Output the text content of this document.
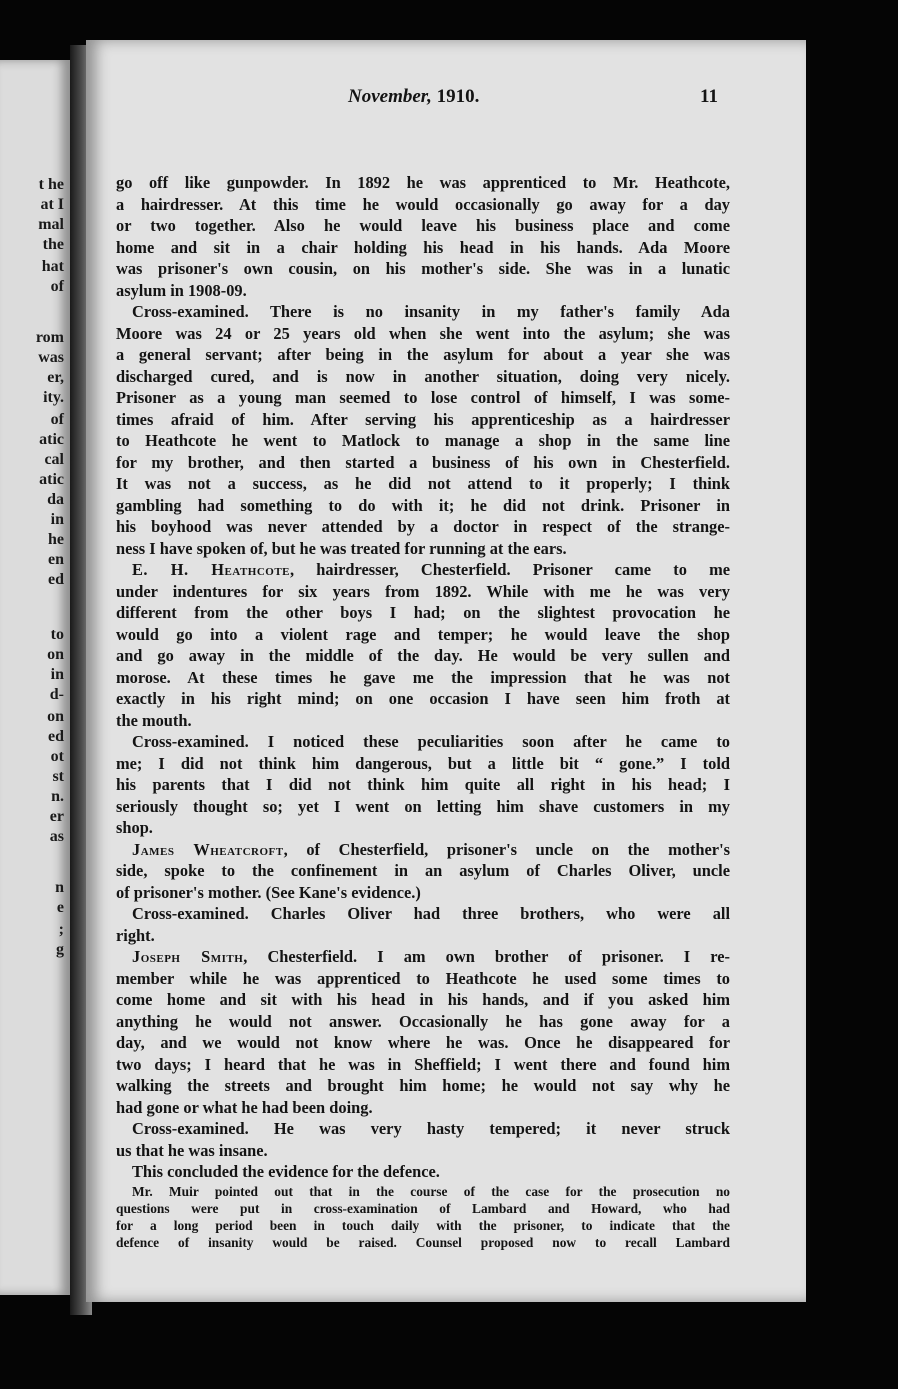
t he
at I
mal
the
hat
of
rom
was
er,
ity.
of
atic
cal
atic
da
in
he
en
ed
to
on
in
d-
on
ed
ot
st
n.
er
as
n
e
;
g
November, 1910.	11
go off like gunpowder. In 1892 he was apprenticed to Mr. Heathcote,
a hairdresser. At this time he would occasionally go away for a day
or two together. Also he would leave his business place and come
home and sit in a chair holding his head in his hands. Ada Moore
was prisoner's own cousin, on his mother's side. She was in a lunatic
asylum in 1908-09.
Cross-examined. There is no insanity in my father's family Ada
Moore was 24 or 25 years old when she went into the asylum; she was
a general servant; after being in the asylum for about a year she was
discharged cured, and is now in another situation, doing very nicely.
Prisoner as a young man seemed to lose control of himself, I was some-
times afraid of him. After serving his apprenticeship as a hairdresser
to Heathcote he went to Matlock to manage a shop in the same line
for my brother, and then started a business of his own in Chesterfield.
It was not a success, as he did not attend to it properly; I think
gambling had something to do with it; he did not drink. Prisoner in
his boyhood was never attended by a doctor in respect of the strange-
ness I have spoken of, but he was treated for running at the ears.
E. H. Heathcote, hairdresser, Chesterfield. Prisoner came to me
under indentures for six years from 1892. While with me he was very
different from the other boys I had; on the slightest provocation he
would go into a violent rage and temper; he would leave the shop
and go away in the middle of the day. He would be very sullen and
morose. At these times he gave me the impression that he was not
exactly in his right mind; on one occasion I have seen him froth at
the mouth.
Cross-examined. I noticed these peculiarities soon after he came to
me; I did not think him dangerous, but a little bit “ gone.” I told
his parents that I did not think him quite all right in his head; I
seriously thought so; yet I went on letting him shave customers in my
shop.
James Wheatcroft, of Chesterfield, prisoner's uncle on the mother's
side, spoke to the confinement in an asylum of Charles Oliver, uncle
of prisoner's mother. (See Kane's evidence.)
Cross-examined. Charles Oliver had three brothers, who were all
right.
Joseph Smith, Chesterfield. I am own brother of prisoner. I re-
member while he was apprenticed to Heathcote he used some times to
come home and sit with his head in his hands, and if you asked him
anything he would not answer. Occasionally he has gone away for a
day, and we would not know where he was. Once he disappeared for
two days; I heard that he was in Sheffield; I went there and found him
walking the streets and brought him home; he would not say why he
had gone or what he had been doing.
Cross-examined. He was very hasty tempered; it never struck
us that he was insane.
This concluded the evidence for the defence.
Mr. Muir pointed out that in the course of the case for the prosecution no
questions were put in cross-examination of Lambard and Howard, who had
for a long period been in touch daily with the prisoner, to indicate that the
defence of insanity would be raised. Counsel proposed now to recall Lambard
